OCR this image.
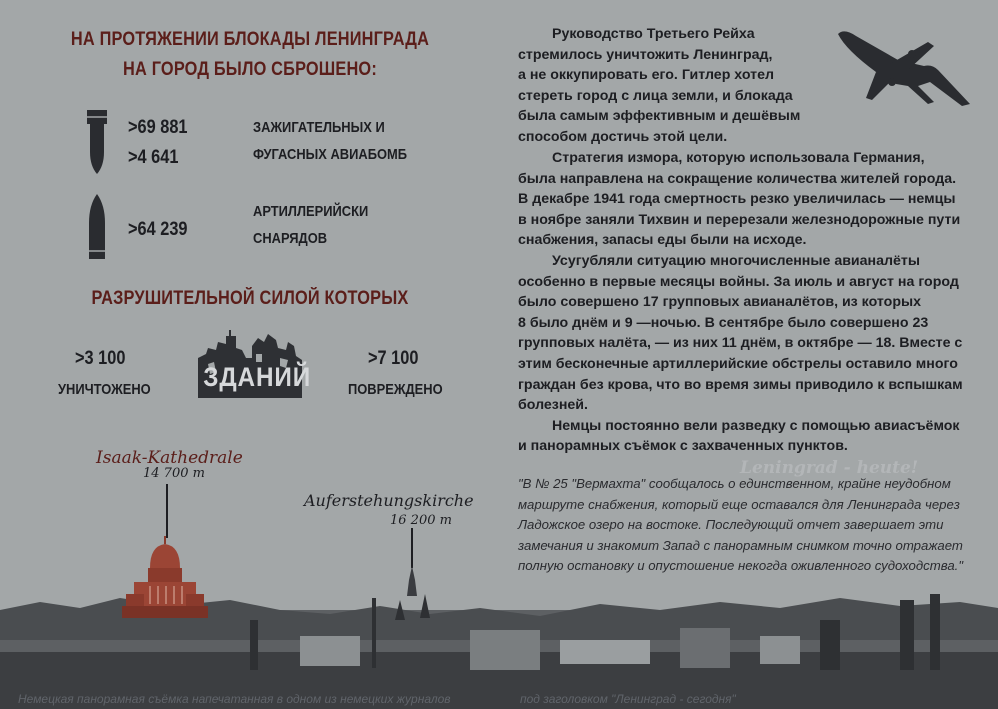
НА ПРОТЯЖЕНИИ БЛОКАДЫ ЛЕНИНГРАДА
НА ГОРОД БЫЛО СБРОШЕНО:
>69 881
>4 641
ЗАЖИГАТЕЛЬНЫХ И
ФУГАСНЫХ АВИАБОМБ
>64 239
АРТИЛЛЕРИЙСКИ
СНАРЯДОВ
РАЗРУШИТЕЛЬНОЙ СИЛОЙ КОТОРЫХ
>3 100
УНИЧТОЖЕНО
>7 100
ПОВРЕЖДЕНО
ЗДАНИЙ
Руководство Третьего Рейха
стремилось уничтожить Ленинград,
а не оккупировать его. Гитлер хотел
стереть город с лица земли, и блокада
была самым эффективным и дешёвым
способом достичь этой цели.
Стратегия измора, которую использовала Германия,
была направлена на сокращение количества жителей города.
В декабре 1941 года смертность резко увеличилась — немцы
в ноябре заняли Тихвин и перерезали железнодорожные пути
снабжения, запасы еды были на исходе.
Усугубляли ситуацию многочисленные авианалёты
особенно в первые месяцы войны. За июль и август на город
было совершено 17 групповых авианалётов, из которых
8 было днём и 9 —ночью. В сентябре было совершено 23
групповых налёта, — из них 11 днём, в октябре — 18. Вместе с
этим бесконечные артиллерийские обстрелы оставило много
граждан без крова, что во время зимы приводило к вспышкам
болезней.
Немцы постоянно вели разведку с помощью авиасъёмок
и панорамных съёмок с захваченных пунктов.
Leningrad - heute!
"В № 25 "Вермахта" сообщалось о единственном, крайне неудобном
маршруте снабжения, который еще оставался для Ленинграда через
Ладожское озеро на востоке. Последующий отчет завершает эти
замечания и знакомит Запад с панорамным снимком точно отражает
полную остановку и опустошение некогда оживленного судоходства."
Isaak-Kathedrale
14 700 m
Auferstehungskirche
16 200 m
Немецкая панорамная съёмка напечатанная в одном из немецких журналов	под заголовком "Ленинград - сегодня"
